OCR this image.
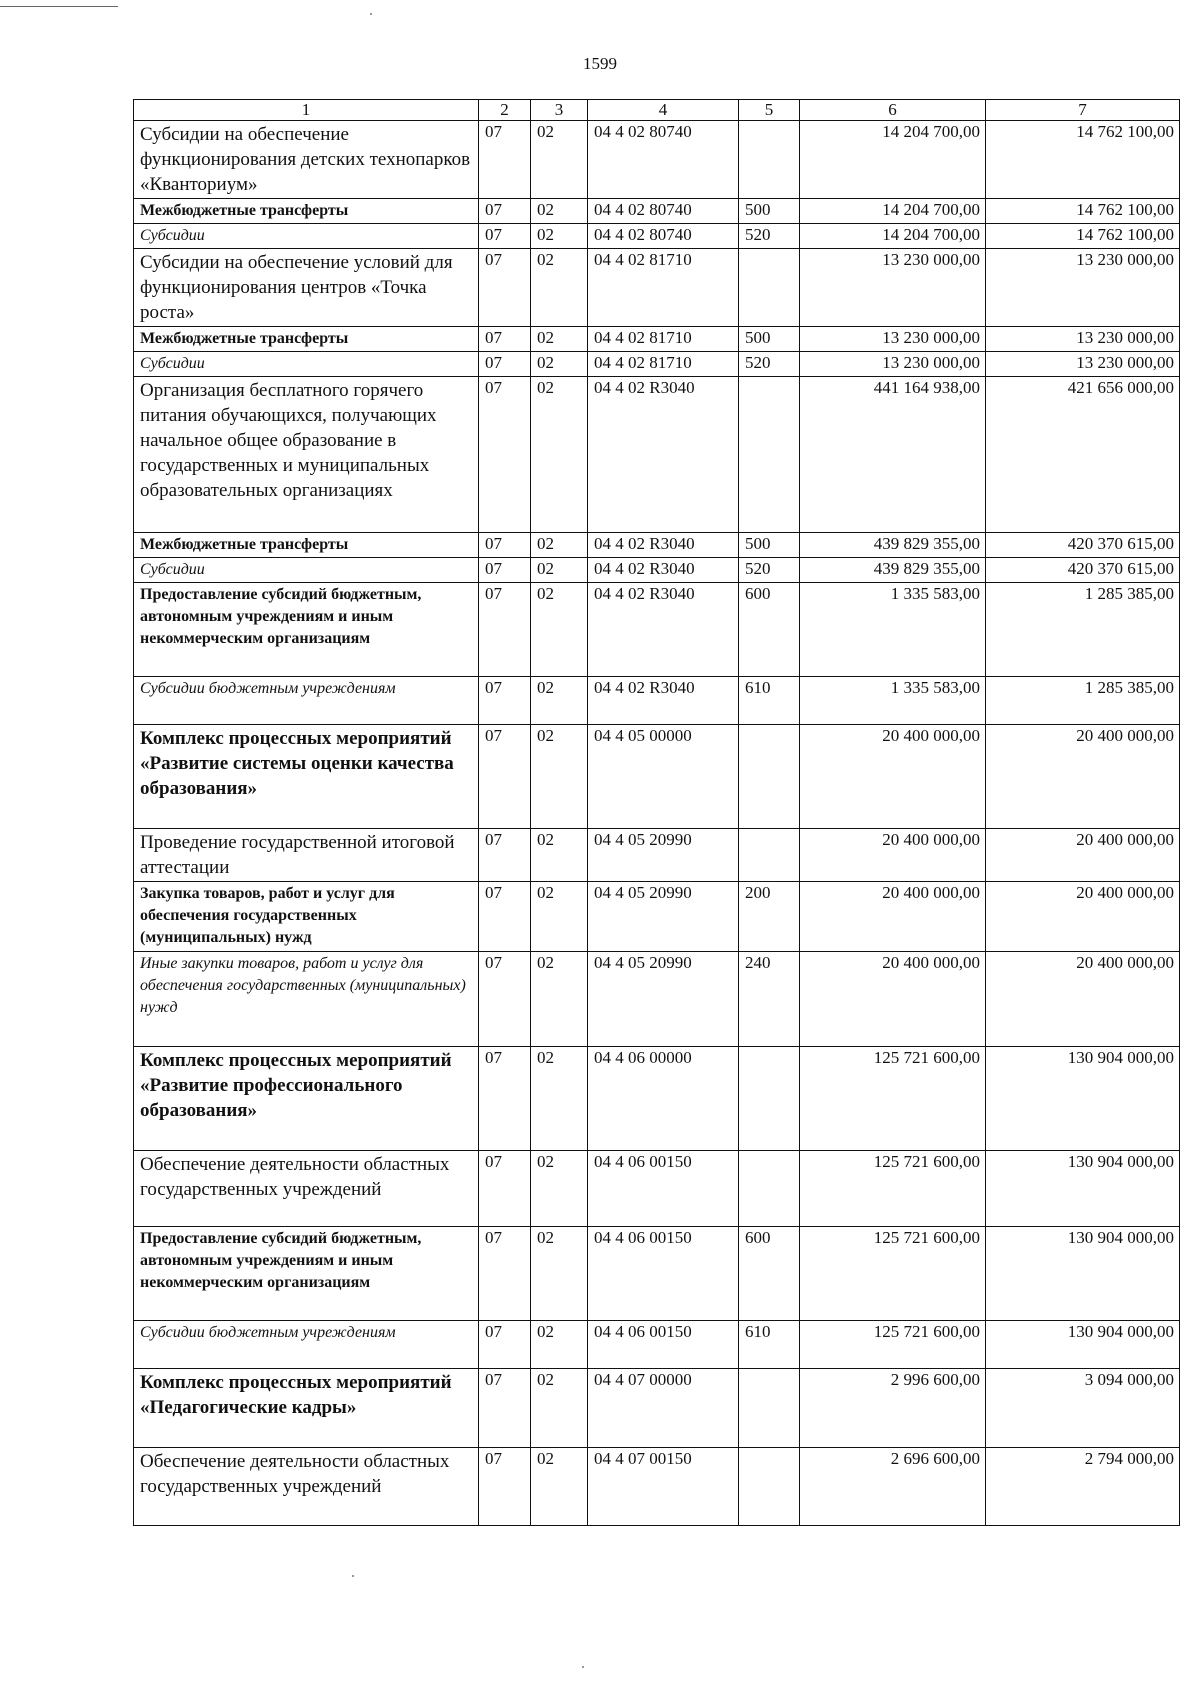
1599
1	2	3	4	5	6	7
Субсидии на обеспечение функционирования детских технопарков «Кванториум»	07	02	04 4 02 80740		14 204 700,00	14 762 100,00
Межбюджетные трансферты	07	02	04 4 02 80740	500	14 204 700,00	14 762 100,00
Субсидии	07	02	04 4 02 80740	520	14 204 700,00	14 762 100,00
Субсидии на обеспечение условий для функционирования центров «Точка роста»	07	02	04 4 02 81710		13 230 000,00	13 230 000,00
Межбюджетные трансферты	07	02	04 4 02 81710	500	13 230 000,00	13 230 000,00
Субсидии	07	02	04 4 02 81710	520	13 230 000,00	13 230 000,00
Организация бесплатного горячего питания обучающихся, получающих начальное общее образование в государственных и муниципальных образовательных организациях	07	02	04 4 02 R3040		441 164 938,00	421 656 000,00
Межбюджетные трансферты	07	02	04 4 02 R3040	500	439 829 355,00	420 370 615,00
Субсидии	07	02	04 4 02 R3040	520	439 829 355,00	420 370 615,00
Предоставление субсидий бюджетным, автономным учреждениям и иным некоммерческим организациям	07	02	04 4 02 R3040	600	1 335 583,00	1 285 385,00
Субсидии бюджетным учреждениям	07	02	04 4 02 R3040	610	1 335 583,00	1 285 385,00
Комплекс процессных мероприятий «Развитие системы оценки качества образования»	07	02	04 4 05 00000		20 400 000,00	20 400 000,00
Проведение государственной итоговой аттестации	07	02	04 4 05 20990		20 400 000,00	20 400 000,00
Закупка товаров, работ и услуг для обеспечения государственных (муниципальных) нужд	07	02	04 4 05 20990	200	20 400 000,00	20 400 000,00
Иные закупки товаров, работ и услуг для обеспечения государственных (муниципальных) нужд	07	02	04 4 05 20990	240	20 400 000,00	20 400 000,00
Комплекс процессных мероприятий «Развитие профессионального образования»	07	02	04 4 06 00000		125 721 600,00	130 904 000,00
Обеспечение деятельности областных государственных учреждений	07	02	04 4 06 00150		125 721 600,00	130 904 000,00
Предоставление субсидий бюджетным, автономным учреждениям и иным некоммерческим организациям	07	02	04 4 06 00150	600	125 721 600,00	130 904 000,00
Субсидии бюджетным учреждениям	07	02	04 4 06 00150	610	125 721 600,00	130 904 000,00
Комплекс процессных мероприятий «Педагогические кадры»	07	02	04 4 07 00000		2 996 600,00	3 094 000,00
Обеспечение деятельности областных государственных учреждений	07	02	04 4 07 00150		2 696 600,00	2 794 000,00
